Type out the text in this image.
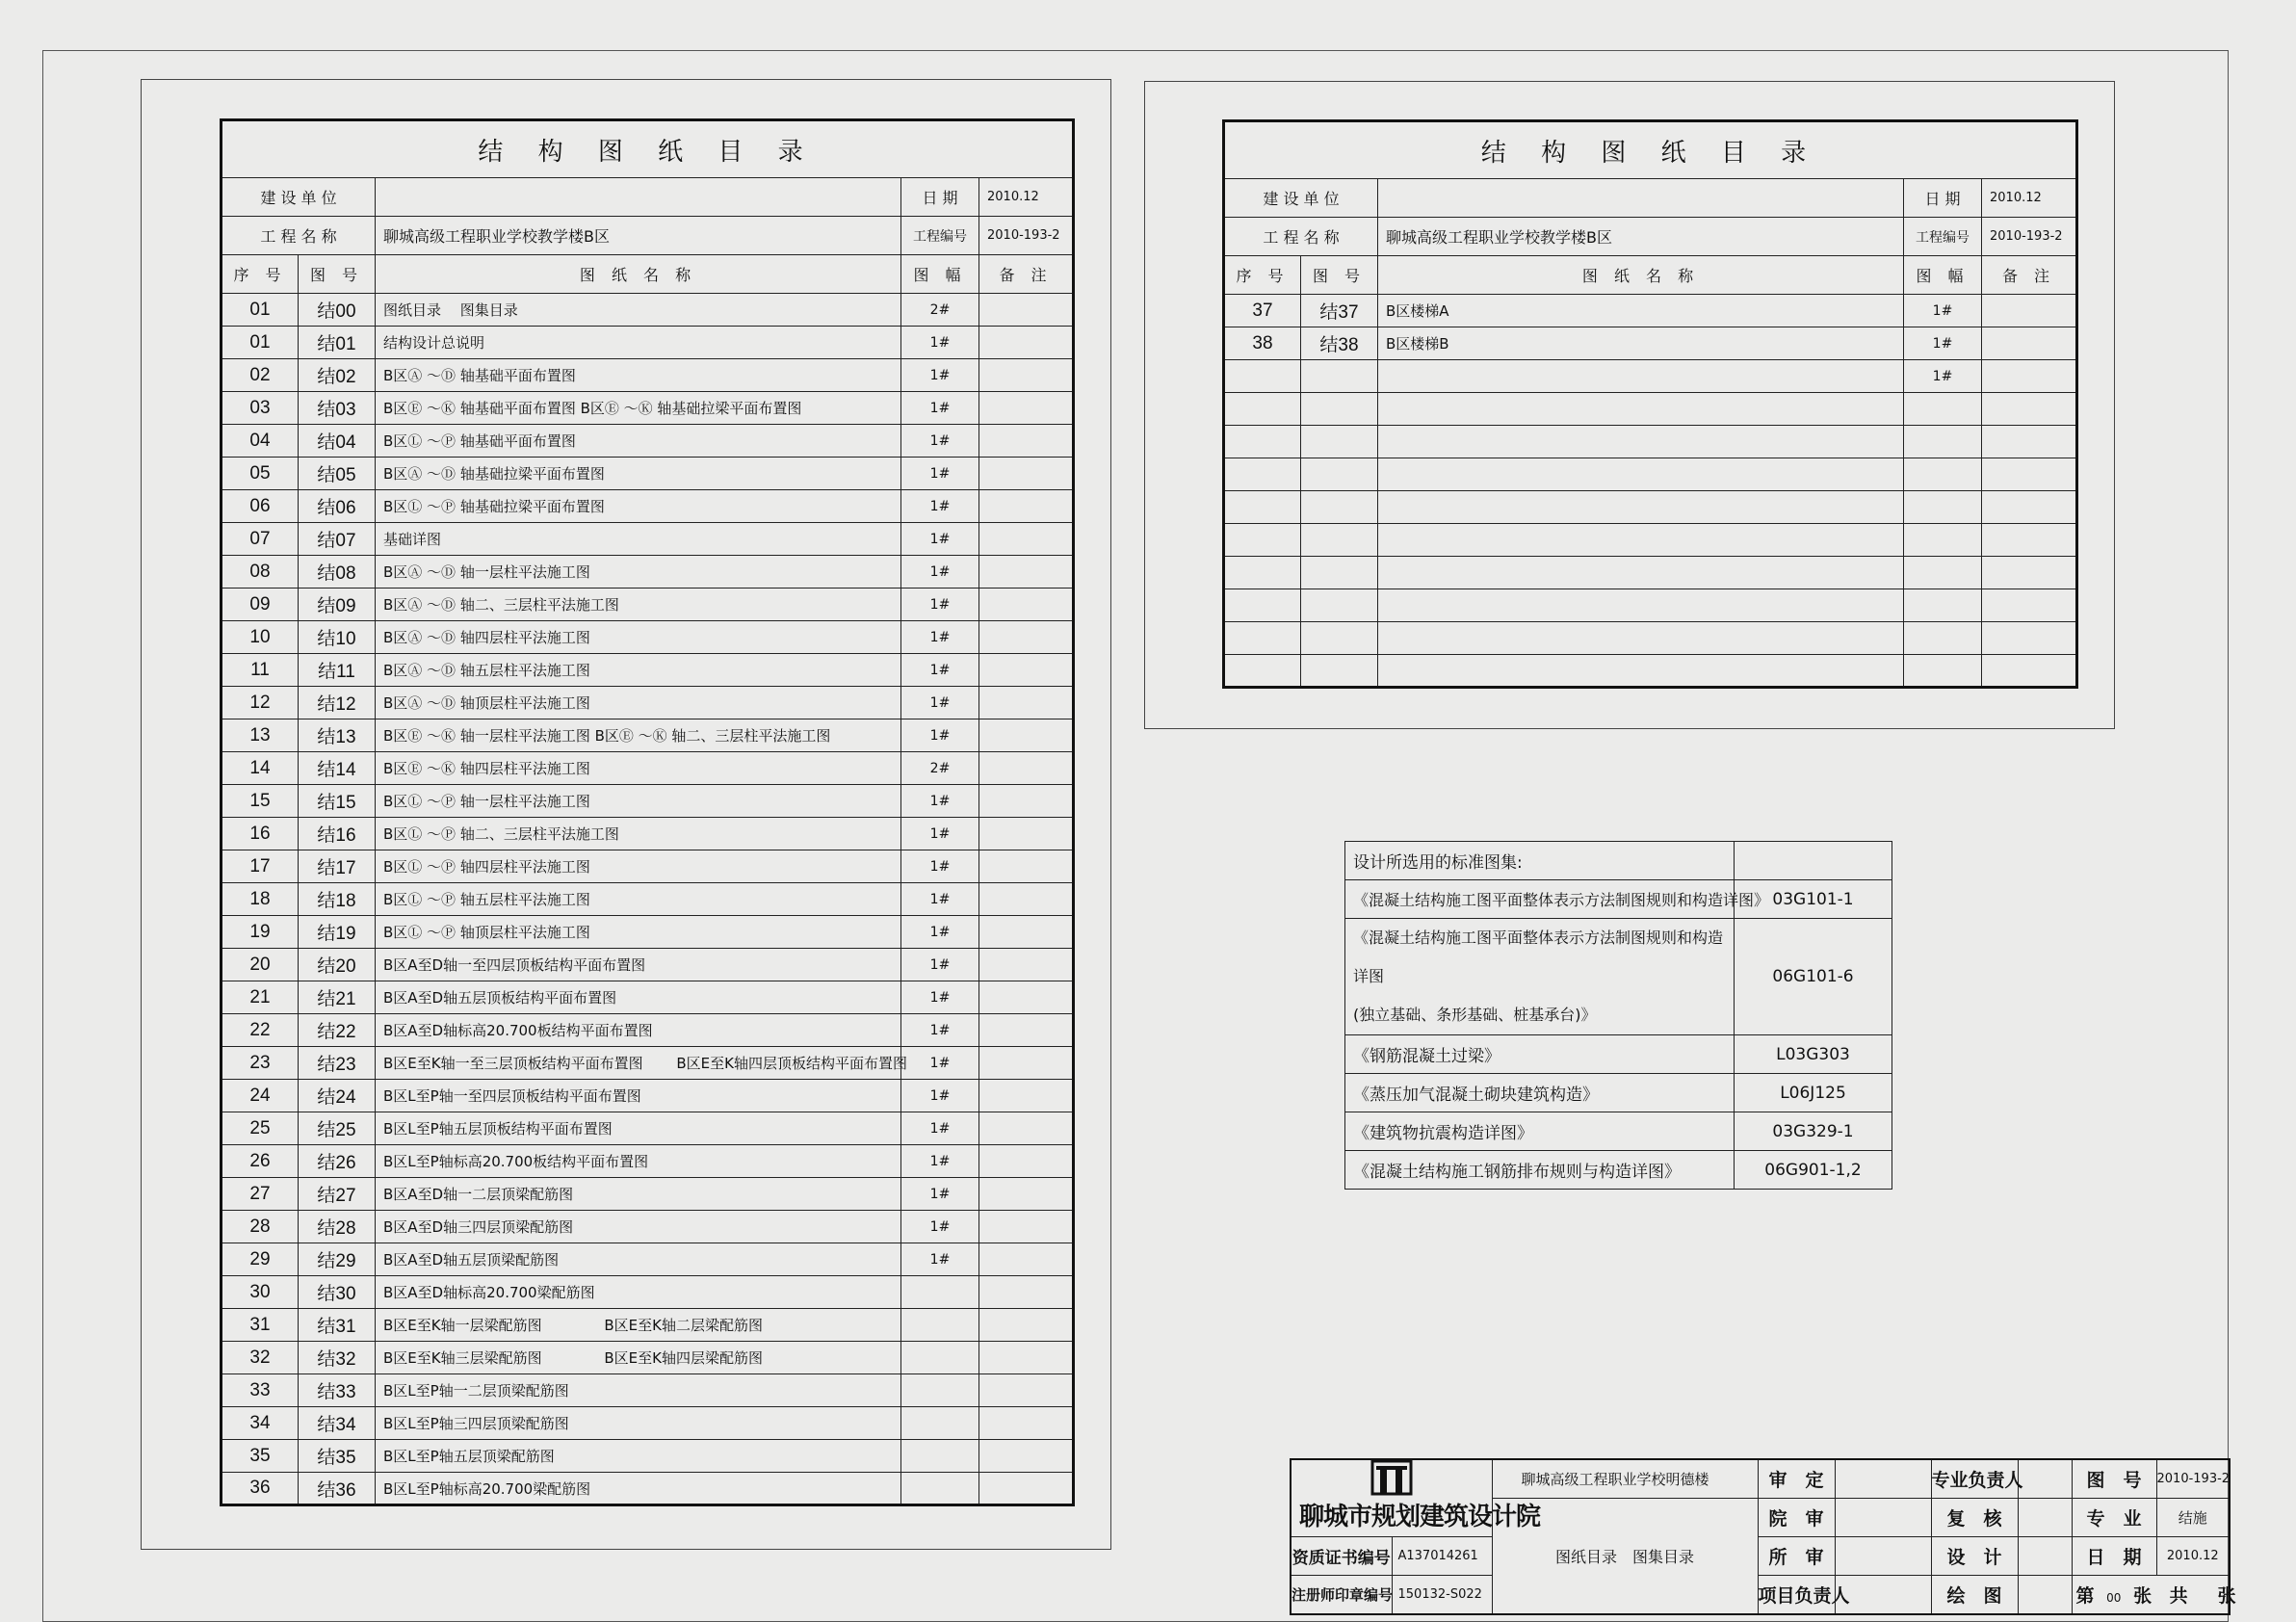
结 构 图 纸 目 录				
建 设 单 位			日 期	2010.12
工 程 名 称		聊城高级工程职业学校教学楼B区	工程编号	2010-193-2
序 号	图 号	图 纸 名 称	图 幅	备 注
01	结00	图纸目录　 图集目录	2#	
01	结01	结构设计总说明	1#	
02	结02	B区Ⓐ ～Ⓓ 轴基础平面布置图	1#	
03	结03	B区Ⓔ ～Ⓚ 轴基础平面布置图 B区Ⓔ ～Ⓚ 轴基础拉梁平面布置图	1#	
04	结04	B区Ⓛ ～Ⓟ 轴基础平面布置图	1#	
05	结05	B区Ⓐ ～Ⓓ 轴基础拉梁平面布置图	1#	
06	结06	B区Ⓛ ～Ⓟ 轴基础拉梁平面布置图	1#	
07	结07	基础详图	1#	
08	结08	B区Ⓐ ～Ⓓ 轴一层柱平法施工图	1#	
09	结09	B区Ⓐ ～Ⓓ 轴二、三层柱平法施工图	1#	
10	结10	B区Ⓐ ～Ⓓ 轴四层柱平法施工图	1#	
11	结11	B区Ⓐ ～Ⓓ 轴五层柱平法施工图	1#	
12	结12	B区Ⓐ ～Ⓓ 轴顶层柱平法施工图	1#	
13	结13	B区Ⓔ ～Ⓚ 轴一层柱平法施工图 B区Ⓔ ～Ⓚ 轴二、三层柱平法施工图	1#	
14	结14	B区Ⓔ ～Ⓚ 轴四层柱平法施工图	2#	
15	结15	B区Ⓛ ～Ⓟ 轴一层柱平法施工图	1#	
16	结16	B区Ⓛ ～Ⓟ 轴二、三层柱平法施工图	1#	
17	结17	B区Ⓛ ～Ⓟ 轴四层柱平法施工图	1#	
18	结18	B区Ⓛ ～Ⓟ 轴五层柱平法施工图	1#	
19	结19	B区Ⓛ ～Ⓟ 轴顶层柱平法施工图	1#	
20	结20	B区A至D轴一至四层顶板结构平面布置图	1#	
21	结21	B区A至D轴五层顶板结构平面布置图	1#	
22	结22	B区A至D轴标高20.700板结构平面布置图	1#	
23	结23	B区E至K轴一至三层顶板结构平面布置图　　 B区E至K轴四层顶板结构平面布置图	1#	
24	结24	B区L至P轴一至四层顶板结构平面布置图	1#	
25	结25	B区L至P轴五层顶板结构平面布置图	1#	
26	结26	B区L至P轴标高20.700板结构平面布置图	1#	
27	结27	B区A至D轴一二层顶梁配筋图	1#	
28	结28	B区A至D轴三四层顶梁配筋图	1#	
29	结29	B区A至D轴五层顶梁配筋图	1#	
30	结30	B区A至D轴标高20.700梁配筋图		
31	结31	B区E至K轴一层梁配筋图　　　　 B区E至K轴二层梁配筋图		
32	结32	B区E至K轴三层梁配筋图　　　　 B区E至K轴四层梁配筋图		
33	结33	B区L至P轴一二层顶梁配筋图		
34	结34	B区L至P轴三四层顶梁配筋图		
35	结35	B区L至P轴五层顶梁配筋图		
36	结36	B区L至P轴标高20.700梁配筋图		
结 构 图 纸 目 录				
建 设 单 位			日 期	2010.12
工 程 名 称		聊城高级工程职业学校教学楼B区	工程编号	2010-193-2
序 号	图 号	图 纸 名 称	图 幅	备 注
37	结37	B区楼梯A	1#	
38	结38	B区楼梯B	1#	
			1#	

设计所选用的标准图集:	
《混凝土结构施工图平面整体表示方法制图规则和构造详图》	03G101-1

《混凝土结构施工图平面整体表示方法制图规则和构造详图
(独立基础、条形基础、桩基承台)》	06G101-6
《钢筋混凝土过梁》	L03G303
《蒸压加气混凝土砌块建筑构造》	L06J125
《建筑物抗震构造详图》	03G329-1
《混凝土结构施工钢筋排布规则与构造详图》	06G901-1,2
聊城市规划建筑设计院		聊城高级工程职业学校明德楼	审　定		专业负责人		图　号	2010-193-2
		图纸目录　图集目录	院　审		复　核		专　业	结施
资质证书编号	A137014261		所　审		设　计		日　期	2010.12
注册师印章编号	150132-S022		项目负责人		绘　图		第 00 张 共　张	
